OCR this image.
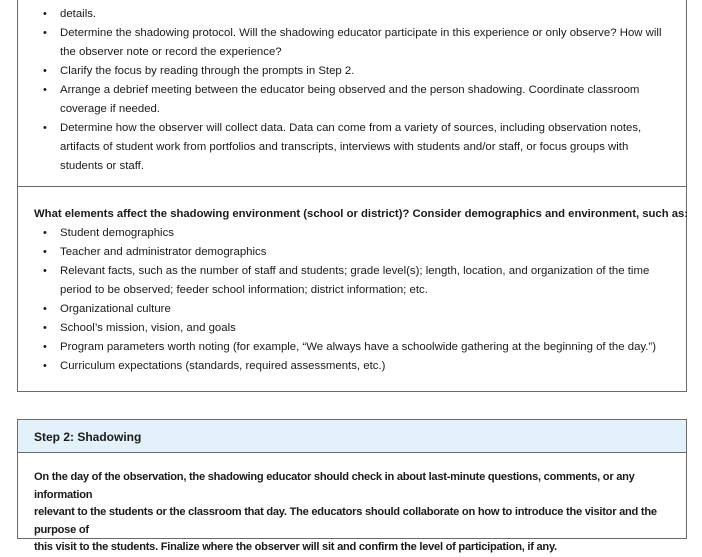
• details.
• Determine the shadowing protocol. Will the shadowing educator participate in this experience or only observe? How will
the observer note or record the experience?
• Clarify the focus by reading through the prompts in Step 2.
• Arrange a debrief meeting between the educator being observed and the person shadowing. Coordinate classroom
coverage if needed.
• Determine how the observer will collect data. Data can come from a variety of sources, including observation notes,
artifacts of student work from portfolios and transcripts, interviews with students and/or staff, or focus groups with
students or staff.
What elements affect the shadowing environment (school or district)? Consider demographics and environment, such as:
• Student demographics
• Teacher and administrator demographics
• Relevant facts, such as the number of staff and students; grade level(s); length, location, and organization of the time
period to be observed; feeder school information; district information; etc.
• Organizational culture
• School’s mission, vision, and goals
• Program parameters worth noting (for example, “We always have a schoolwide gathering at the beginning of the day.”)
• Curriculum expectations (standards, required assessments, etc.)
Step 2: Shadowing
On the day of the observation, the shadowing educator should check in about last-minute questions, comments, or any information
relevant to the students or the classroom that day. The educators should collaborate on how to introduce the visitor and the purpose of
this visit to the students. Finalize where the observer will sit and confirm the level of participation, if any.
